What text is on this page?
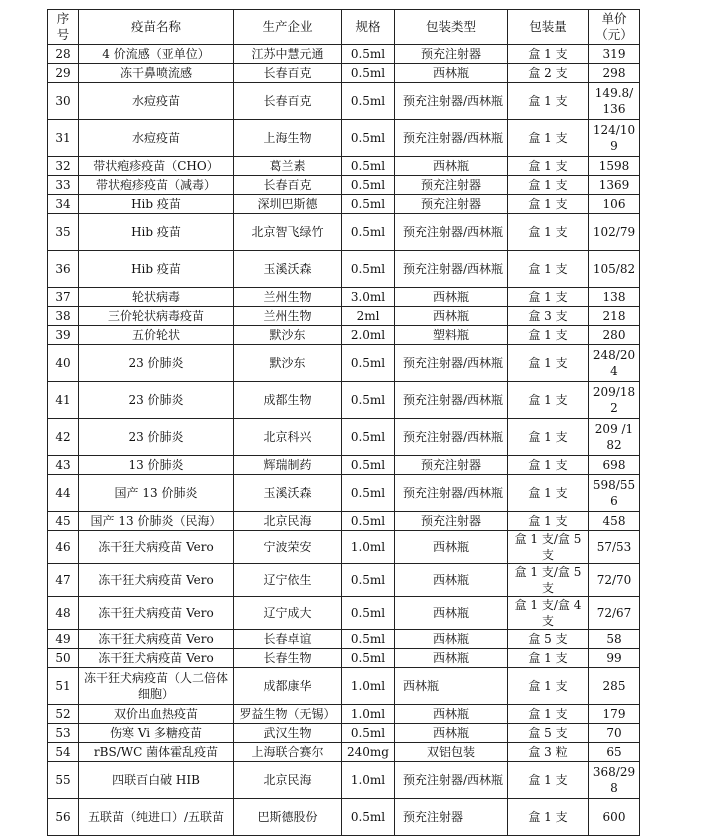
序号	疫苗名称	生产企业	规格	包装类型	包装量	单价（元）
28	4 价流感（亚单位）	江苏中慧元通	0.5ml	预充注射器	盒 1 支	319
29	冻干鼻喷流感	长春百克	0.5ml	西林瓶	盒 2 支	298
30	水痘疫苗	长春百克	0.5ml	预充注射器/西林瓶	盒 1 支	149.8/136
31	水痘疫苗	上海生物	0.5ml	预充注射器/西林瓶	盒 1 支	124/109
32	带状疱疹疫苗（CHO）	葛兰素	0.5ml	西林瓶	盒 1 支	1598
33	带状疱疹疫苗（减毒）	长春百克	0.5ml	预充注射器	盒 1 支	1369
34	Hib 疫苗	深圳巴斯德	0.5ml	预充注射器	盒 1 支	106
35	Hib 疫苗	北京智飞绿竹	0.5ml	预充注射器/西林瓶	盒 1 支	102/79
36	Hib 疫苗	玉溪沃森	0.5ml	预充注射器/西林瓶	盒 1 支	105/82
37	轮状病毒	兰州生物	3.0ml	西林瓶	盒 1 支	138
38	三价轮状病毒疫苗	兰州生物	2ml	西林瓶	盒 3 支	218
39	五价轮状	默沙东	2.0ml	塑料瓶	盒 1 支	280
40	23 价肺炎	默沙东	0.5ml	预充注射器/西林瓶	盒 1 支	248/204
41	23 价肺炎	成都生物	0.5ml	预充注射器/西林瓶	盒 1 支	209/182
42	23 价肺炎	北京科兴	0.5ml	预充注射器/西林瓶	盒 1 支	209 /182
43	13 价肺炎	辉瑞制药	0.5ml	预充注射器	盒 1 支	698
44	国产 13 价肺炎	玉溪沃森	0.5ml	预充注射器/西林瓶	盒 1 支	598/556
45	国产 13 价肺炎（民海）	北京民海	0.5ml	预充注射器	盒 1 支	458
46	冻干狂犬病疫苗 Vero	宁波荣安	1.0ml	西林瓶	盒 1 支/盒 5 支	57/53
47	冻干狂犬病疫苗 Vero	辽宁依生	0.5ml	西林瓶	盒 1 支/盒 5 支	72/70
48	冻干狂犬病疫苗 Vero	辽宁成大	0.5ml	西林瓶	盒 1 支/盒 4 支	72/67
49	冻干狂犬病疫苗 Vero	长春卓谊	0.5ml	西林瓶	盒 5 支	58
50	冻干狂犬病疫苗 Vero	长春生物	0.5ml	西林瓶	盒 1 支	99
51	冻干狂犬病疫苗（人二倍体细胞）	成都康华	1.0ml	西林瓶	盒 1 支	285
52	双价出血热疫苗	罗益生物（无锡）	1.0ml	西林瓶	盒 1 支	179
53	伤寒 Vi 多糖疫苗	武汉生物	0.5ml	西林瓶	盒 5 支	70
54	rBS/WC 菌体霍乱疫苗	上海联合赛尔	240mg	双铝包装	盒 3 粒	65
55	四联百白破 HIB	北京民海	1.0ml	预充注射器/西林瓶	盒 1 支	368/298
56	五联苗（纯进口）/五联苗	巴斯德股份	0.5ml	预充注射器	盒 1 支	600
